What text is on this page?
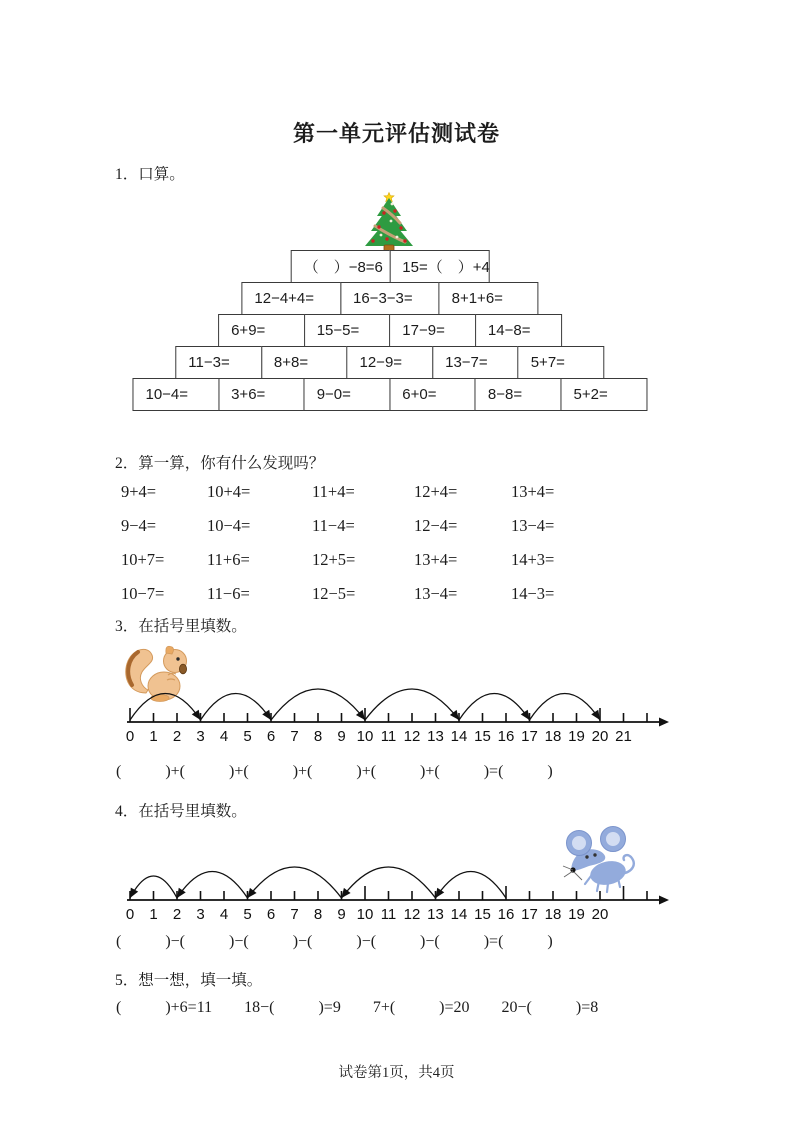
第一单元评估测试卷
1．口算。
（　）−8=6	15=（　）+4
12−4+4=	16−3−3=	8+1+6=
6+9=	15−5=	17−9=	14−8=
11−3=	8+8=	12−9=	13−7=	5+7=
10−4=	3+6=	9−0=	6+0=	8−8=	5+2=
2．算一算，你有什么发现吗？
9+4=	10+4=	11+4=	12+4=	13+4=
9−4=	10−4=	11−4=	12−4=	13−4=
10+7=	11+6=	12+5=	13+4=	14+3=
10−7=	11−6=	12−5=	13−4=	14−3=
3．在括号里填数。
0 1 2 3 4 5 6 7 8 9 10 11 12 13 14 15 16 17 18 19 20 21
(           )+(           )+(           )+(           )+(           )+(           )=(           )
4．在括号里填数。
0 1 2 3 4 5 6 7 8 9 10 11 12 13 14 15 16 17 18 19 20
(           )−(           )−(           )−(           )−(           )−(           )=(           )
5．想一想，填一填。
(           )+6=11        18−(           )=9        7+(           )=20        20−(           )=8
试卷第1页，共4页
